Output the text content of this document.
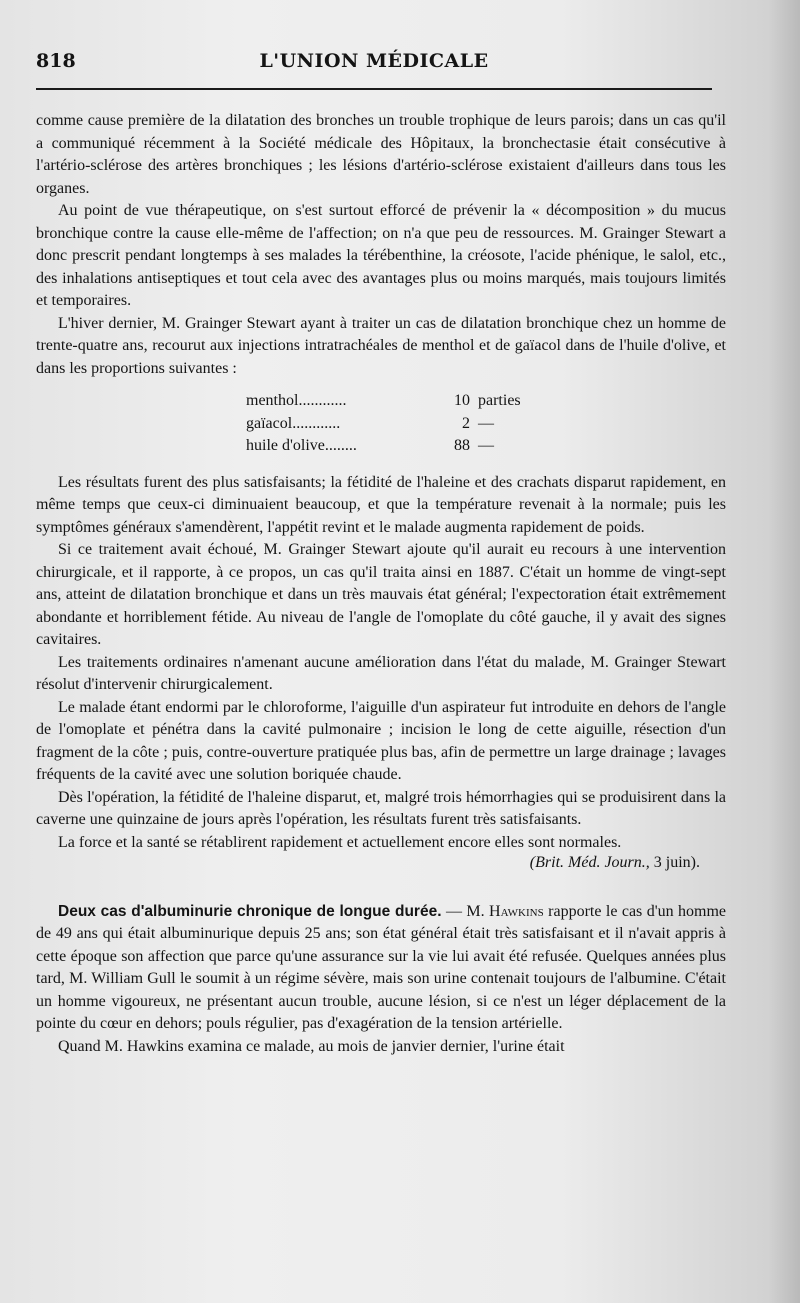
818	L'UNION MÉDICALE

comme cause première de la dilatation des bronches un trouble trophique de leurs parois; dans un cas qu'il a communiqué récemment à la Société médicale des Hôpitaux, la bronchectasie était consécutive à l'artério-sclérose des artères bronchiques ; les lésions d'artério-sclérose existaient d'ailleurs dans tous les organes.

Au point de vue thérapeutique, on s'est surtout efforcé de prévenir la « décomposition » du mucus bronchique contre la cause elle-même de l'affection; on n'a que peu de ressources. M. Grainger Stewart a donc prescrit pendant longtemps à ses malades la térébenthine, la créosote, l'acide phénique, le salol, etc., des inhalations antiseptiques et tout cela avec des avantages plus ou moins marqués, mais toujours limités et temporaires.

L'hiver dernier, M. Grainger Stewart ayant à traiter un cas de dilatation bronchique chez un homme de trente-quatre ans, recourut aux injections intratrachéales de menthol et de gaïacol dans de l'huile d'olive, et dans les proportions suivantes :

menthol............	10 parties
gaïacol............	2 —
huile d'olive........	88 —

Les résultats furent des plus satisfaisants; la fétidité de l'haleine et des crachats disparut rapidement, en même temps que ceux-ci diminuaient beaucoup, et que la température revenait à la normale; puis les symptômes généraux s'amendèrent, l'appétit revint et le malade augmenta rapidement de poids.

Si ce traitement avait échoué, M. Grainger Stewart ajoute qu'il aurait eu recours à une intervention chirurgicale, et il rapporte, à ce propos, un cas qu'il traita ainsi en 1887. C'était un homme de vingt-sept ans, atteint de dilatation bronchique et dans un très mauvais état général; l'expectoration était extrêmement abondante et horriblement fétide. Au niveau de l'angle de l'omoplate du côté gauche, il y avait des signes cavitaires.

Les traitements ordinaires n'amenant aucune amélioration dans l'état du malade, M. Grainger Stewart résolut d'intervenir chirurgicalement.

Le malade étant endormi par le chloroforme, l'aiguille d'un aspirateur fut introduite en dehors de l'angle de l'omoplate et pénétra dans la cavité pulmonaire ; incision le long de cette aiguille, résection d'un fragment de la côte ; puis, contre-ouverture pratiquée plus bas, afin de permettre un large drainage ; lavages fréquents de la cavité avec une solution boriquée chaude.

Dès l'opération, la fétidité de l'haleine disparut, et, malgré trois hémorrhagies qui se produisirent dans la caverne une quinzaine de jours après l'opération, les résultats furent très satisfaisants.

La force et la santé se rétablirent rapidement et actuellement encore elles sont normales.

(Brit. Méd. Journ., 3 juin).

Deux cas d'albuminurie chronique de longue durée. — M. Hawkins rapporte le cas d'un homme de 49 ans qui était albuminurique depuis 25 ans; son état général était très satisfaisant et il n'avait appris à cette époque son affection que parce qu'une assurance sur la vie lui avait été refusée. Quelques années plus tard, M. William Gull le soumit à un régime sévère, mais son urine contenait toujours de l'albumine. C'était un homme vigoureux, ne présentant aucun trouble, aucune lésion, si ce n'est un léger déplacement de la pointe du cœur en dehors; pouls régulier, pas d'exagération de la tension artérielle.

Quand M. Hawkins examina ce malade, au mois de janvier dernier, l'urine était
